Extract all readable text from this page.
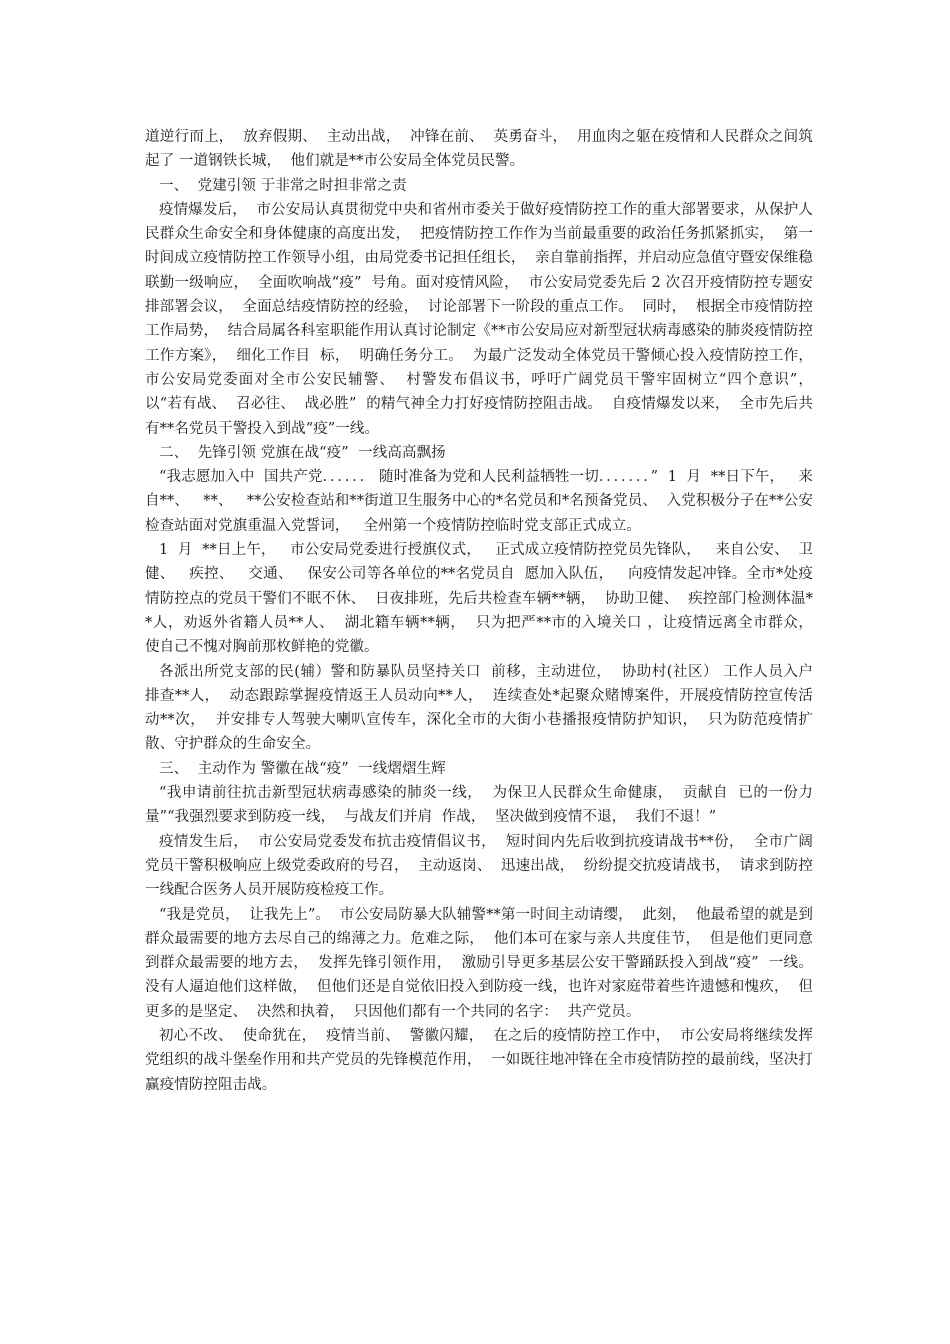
道逆行而上，  放弃假期、  主动出战，  冲锋在前、  英勇奋斗，  用血肉之躯在疫情和人民群众之间筑起了 一道钢铁长城，  他们就是**市公安局全体党员民警。

一、  党建引领 于非常之时担非常之责

疫情爆发后，  市公安局认真贯彻党中央和省州市委关于做好疫情防控工作的重大部署要求，从保护人民群众生命安全和身体健康的高度出发，  把疫情防控工作作为当前最重要的政治任务抓紧抓实，  第一时间成立疫情防控工作领导小组，由局党委书记担任组长，  亲自靠前指挥，并启动应急值守暨安保维稳联勤一级响应，  全面吹响战“疫”  号角。面对疫情风险，  市公安局党委先后 2 次召开疫情防控专题安排部署会议，  全面总结疫情防控的经验，  讨论部署下一阶段的重点工作。  同时，  根据全市疫情防控工作局势，  结合局属各科室职能作用认真讨论制定《**市公安局应对新型冠状病毒感染的肺炎疫情防控工作方案》，  细化工作目  标，  明确任务分工。  为最广泛发动全体党员干警倾心投入疫情防控工作，  市公安局党委面对全市公安民辅警、  村警发布倡议书，呼吁广阔党员干警牢固树立“四个意识”，  以“若有战、  召必往、  战必胜”  的精气神全力打好疫情防控阻击战。  自疫情爆发以来，  全市先后共有**名党员干警投入到战“疫”一线。

二、  先锋引领 党旗在战“疫”  一线高高飘扬

“我志愿加入中  国共产党．．．．．． 随时准备为党和人民利益牺牲一切．．．．．．．”  1  月  **日下午，   来自**、   **、   **公安检查站和**街道卫生服务中心的*名党员和*名预备党员、  入党积极分子在**公安检查站面对党旗重温入党誓词，   全州第一个疫情防控临时党支部正式成立。

1  月  **日上午，   市公安局党委进行授旗仪式，   正式成立疫情防控党员先锋队，   来自公安、  卫健、   疾控、   交通、   保安公司等各单位的**名党员自  愿加入队伍，   向疫情发起冲锋。全市*处疫情防控点的党员干警们不眠不休、  日夜排班，先后共检查车辆**辆，  协助卫健、  疾控部门检测体温**人，劝返外省籍人员**人、  湖北籍车辆**辆，  只为把严**市的入境关口 ，让疫情远离全市群众，  使自己不愧对胸前那枚鲜艳的党徽。

各派出所党支部的民(辅）警和防暴队员坚持关口  前移，主动进位，  协助村(社区） 工作人员入户  排查**人，  动态跟踪掌握疫情返王人员动向**人，  连续查处*起聚众赌博案件，开展疫情防控宣传活动**次，  并安排专人驾驶大喇叭宣传车，深化全市的大街小巷播报疫情防护知识，  只为防范疫情扩散、守护群众的生命安全。

三、  主动作为 警徽在战“疫”  一线熠熠生辉

“我申请前往抗击新型冠状病毒感染的肺炎一线，  为保卫人民群众生命健康，  贡献自  已的一份力量”“我强烈要求到防疫一线，  与战友们并肩  作战，  坚决做到疫情不退，  我们不退！”

疫情发生后，  市公安局党委发布抗击疫情倡议书，  短时间内先后收到抗疫请战书**份，  全市广阔党员干警积极响应上级党委政府的号召，  主动返岗、  迅速出战，  纷纷提交抗疫请战书，  请求到防控一线配合医务人员开展防疫检疫工作。

“我是党员，  让我先上”。  市公安局防暴大队辅警**第一时间主动请缨，  此刻，  他最希望的就是到群众最需要的地方去尽自己的绵薄之力。危难之际，  他们本可在家与亲人共度佳节，  但是他们更同意到群众最需要的地方去，  发挥先锋引领作用，  激励引导更多基层公安干警踊跃投入到战“疫”  一线。  没有人逼迫他们这样做，  但他们还是自觉依旧投入到防疫一线，也许对家庭带着些许遗憾和愧疚，  但更多的是坚定、  决然和执着，  只因他们都有一个共同的名字：  共产党员。

初心不改、  使命犹在，  疫情当前、  警徽闪耀，  在之后的疫情防控工作中，  市公安局将继续发挥党组织的战斗堡垒作用和共产党员的先锋模范作用，  一如既往地冲锋在全市疫情防控的最前线，坚决打赢疫情防控阻击战。
